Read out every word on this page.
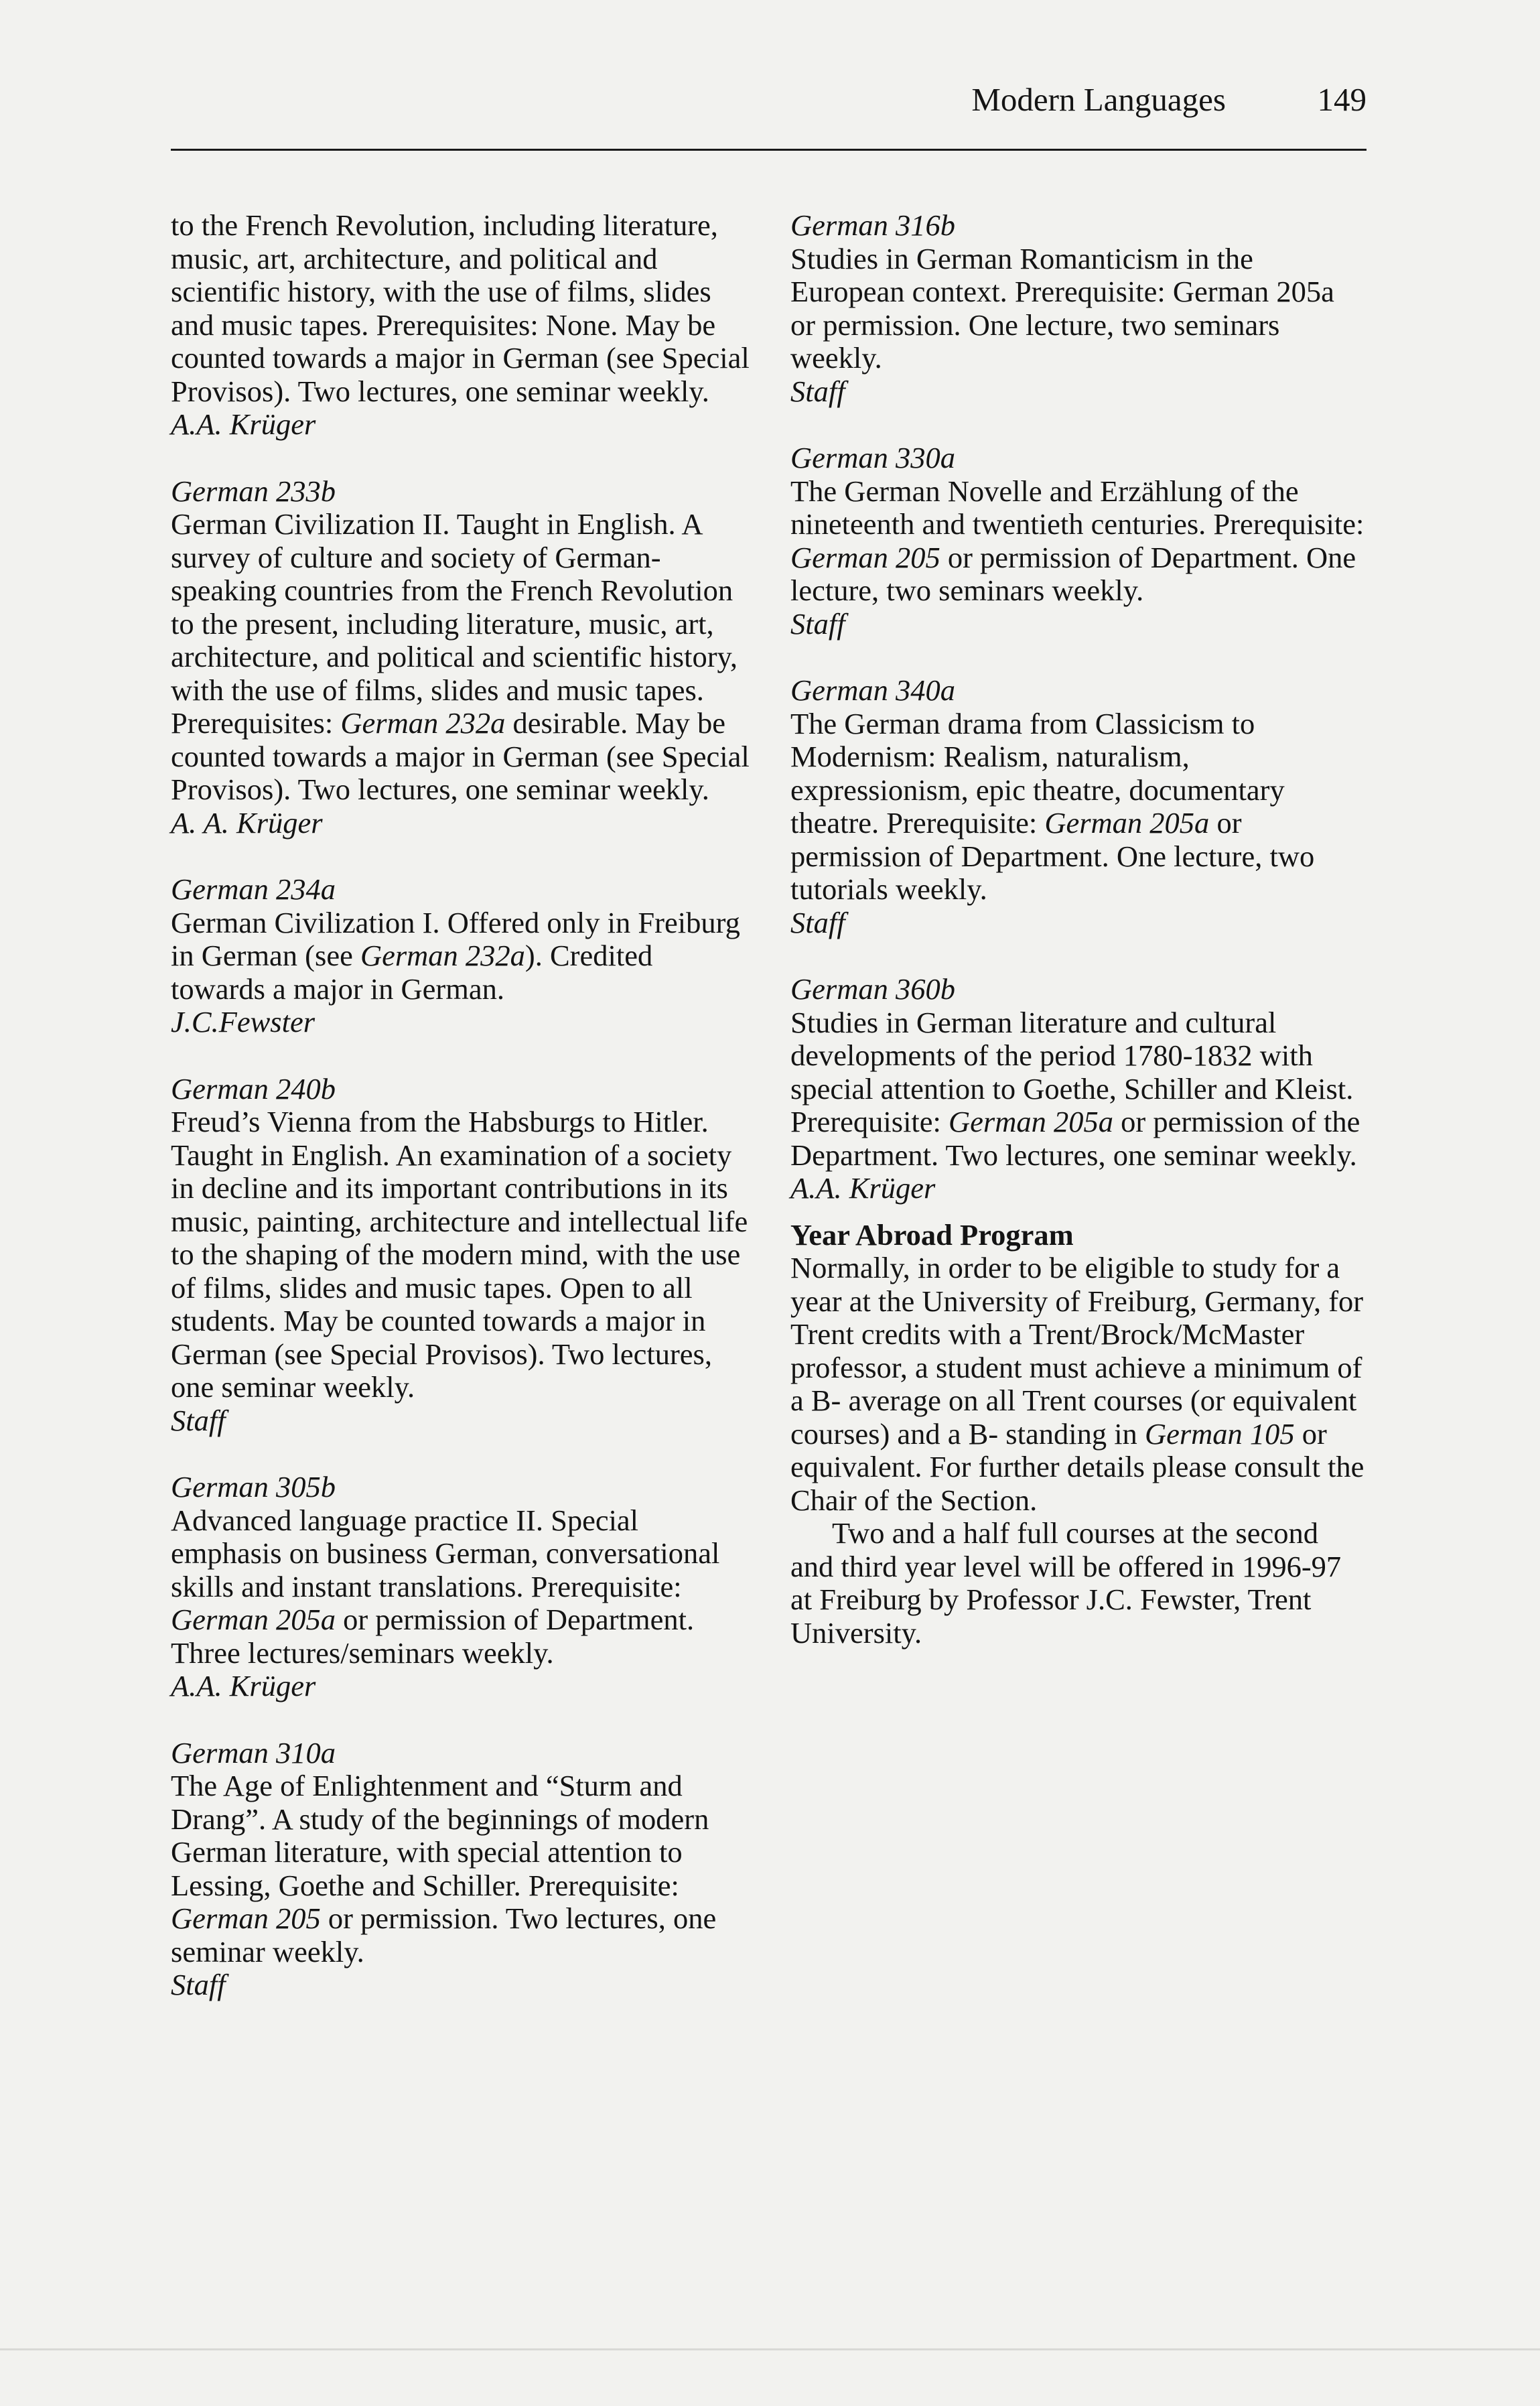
Modern Languages	149

to the French Revolution, including literature, music, art, architecture, and political and scientific history, with the use of films, slides and music tapes. Prerequisites: None. May be counted towards a major in German (see Special Provisos). Two lectures, one seminar weekly.

A.A. Krüger

German 233b

German Civilization II. Taught in English. A survey of culture and society of German-speaking countries from the French Revolution to the present, including literature, music, art, architecture, and political and scientific history, with the use of films, slides and music tapes. Prerequisites: German 232a desirable. May be counted towards a major in German (see Special Provisos). Two lectures, one seminar weekly.

A. A. Krüger

German 234a

German Civilization I. Offered only in Freiburg in German (see German 232a). Credited towards a major in German.

J.C.Fewster

German 240b

Freud’s Vienna from the Habsburgs to Hitler. Taught in English. An examination of a society in decline and its important contributions in its music, painting, architecture and intellectual life to the shaping of the modern mind, with the use of films, slides and music tapes. Open to all students. May be counted towards a major in German (see Special Provisos). Two lectures, one seminar weekly.

Staff

German 305b

Advanced language practice II. Special emphasis on business German, conversational skills and instant translations. Prerequisite: German 205a or permission of Department. Three lectures/seminars weekly.

A.A. Krüger

German 310a

The Age of Enlightenment and “Sturm and Drang”. A study of the beginnings of modern German literature, with special attention to Lessing, Goethe and Schiller. Prerequisite: German 205 or permission. Two lectures, one seminar weekly.

Staff

German 316b

Studies in German Romanticism in the European context. Prerequisite: German 205a or permission. One lecture, two seminars weekly.

Staff

German 330a

The German Novelle and Erzählung of the nineteenth and twentieth centuries. Prerequisite: German 205 or permission of Department. One lecture, two seminars weekly.

Staff

German 340a

The German drama from Classicism to Modernism: Realism, naturalism, expressionism, epic theatre, documentary theatre. Prerequisite: German 205a or permission of Department. One lecture, two tutorials weekly.

Staff

German 360b

Studies in German literature and cultural developments of the period 1780-1832 with special attention to Goethe, Schiller and Kleist. Prerequisite: German 205a or permission of the Department. Two lectures, one seminar weekly.

A.A. Krüger

Year Abroad Program

Normally, in order to be eligible to study for a year at the University of Freiburg, Germany, for Trent credits with a Trent/Brock/McMaster professor, a student must achieve a minimum of a B- average on all Trent courses (or equivalent courses) and a B- standing in German 105 or equivalent. For further details please consult the Chair of the Section.

Two and a half full courses at the second and third year level will be offered in 1996-97 at Freiburg by Professor J.C. Fewster, Trent University.
